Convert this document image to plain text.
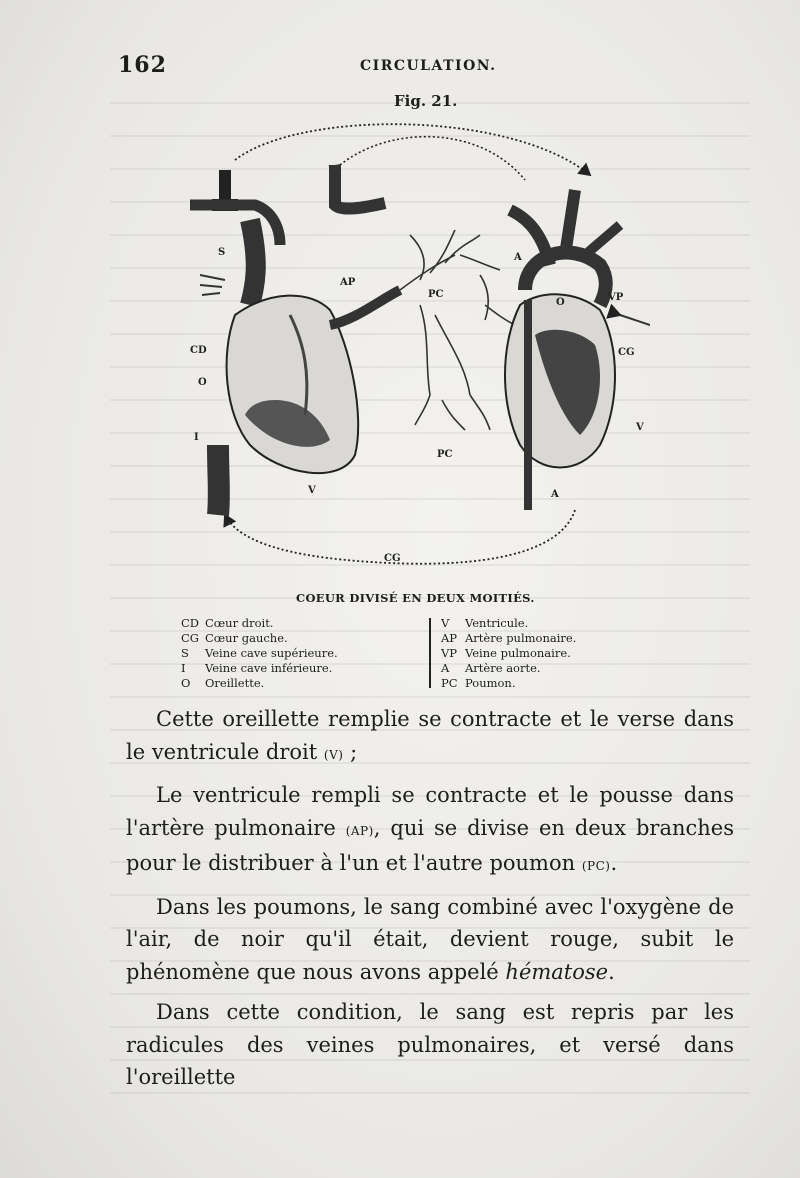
162	CIRCULATION.
Fig. 21.
S
CD
O
I
V
AP
PC
PC
A
O	VP
CG
V
A
CG
COEUR DIVISÉ EN DEUX MOITIÉS.
CD Cœur droit.
CG Cœur gauche.
S Veine cave supérieure.
I Veine cave inférieure.
O Oreillette.
V Ventricule.
AP Artère pulmonaire.
VP Veine pulmonaire.
A Artère aorte.
PC Poumon.

Cette oreillette remplie se contracte et le verse dans le ventricule droit (V) ;

Le ventricule rempli se contracte et le pousse dans l'artère pulmonaire (AP), qui se divise en deux branches pour le distribuer à l'un et l'autre poumon (PC).

Dans les poumons, le sang combiné avec l'oxygène de l'air, de noir qu'il était, devient rouge, subit le phénomène que nous avons appelé hématose.

Dans cette condition, le sang est repris par les radicules des veines pulmonaires, et versé dans l'oreillette
